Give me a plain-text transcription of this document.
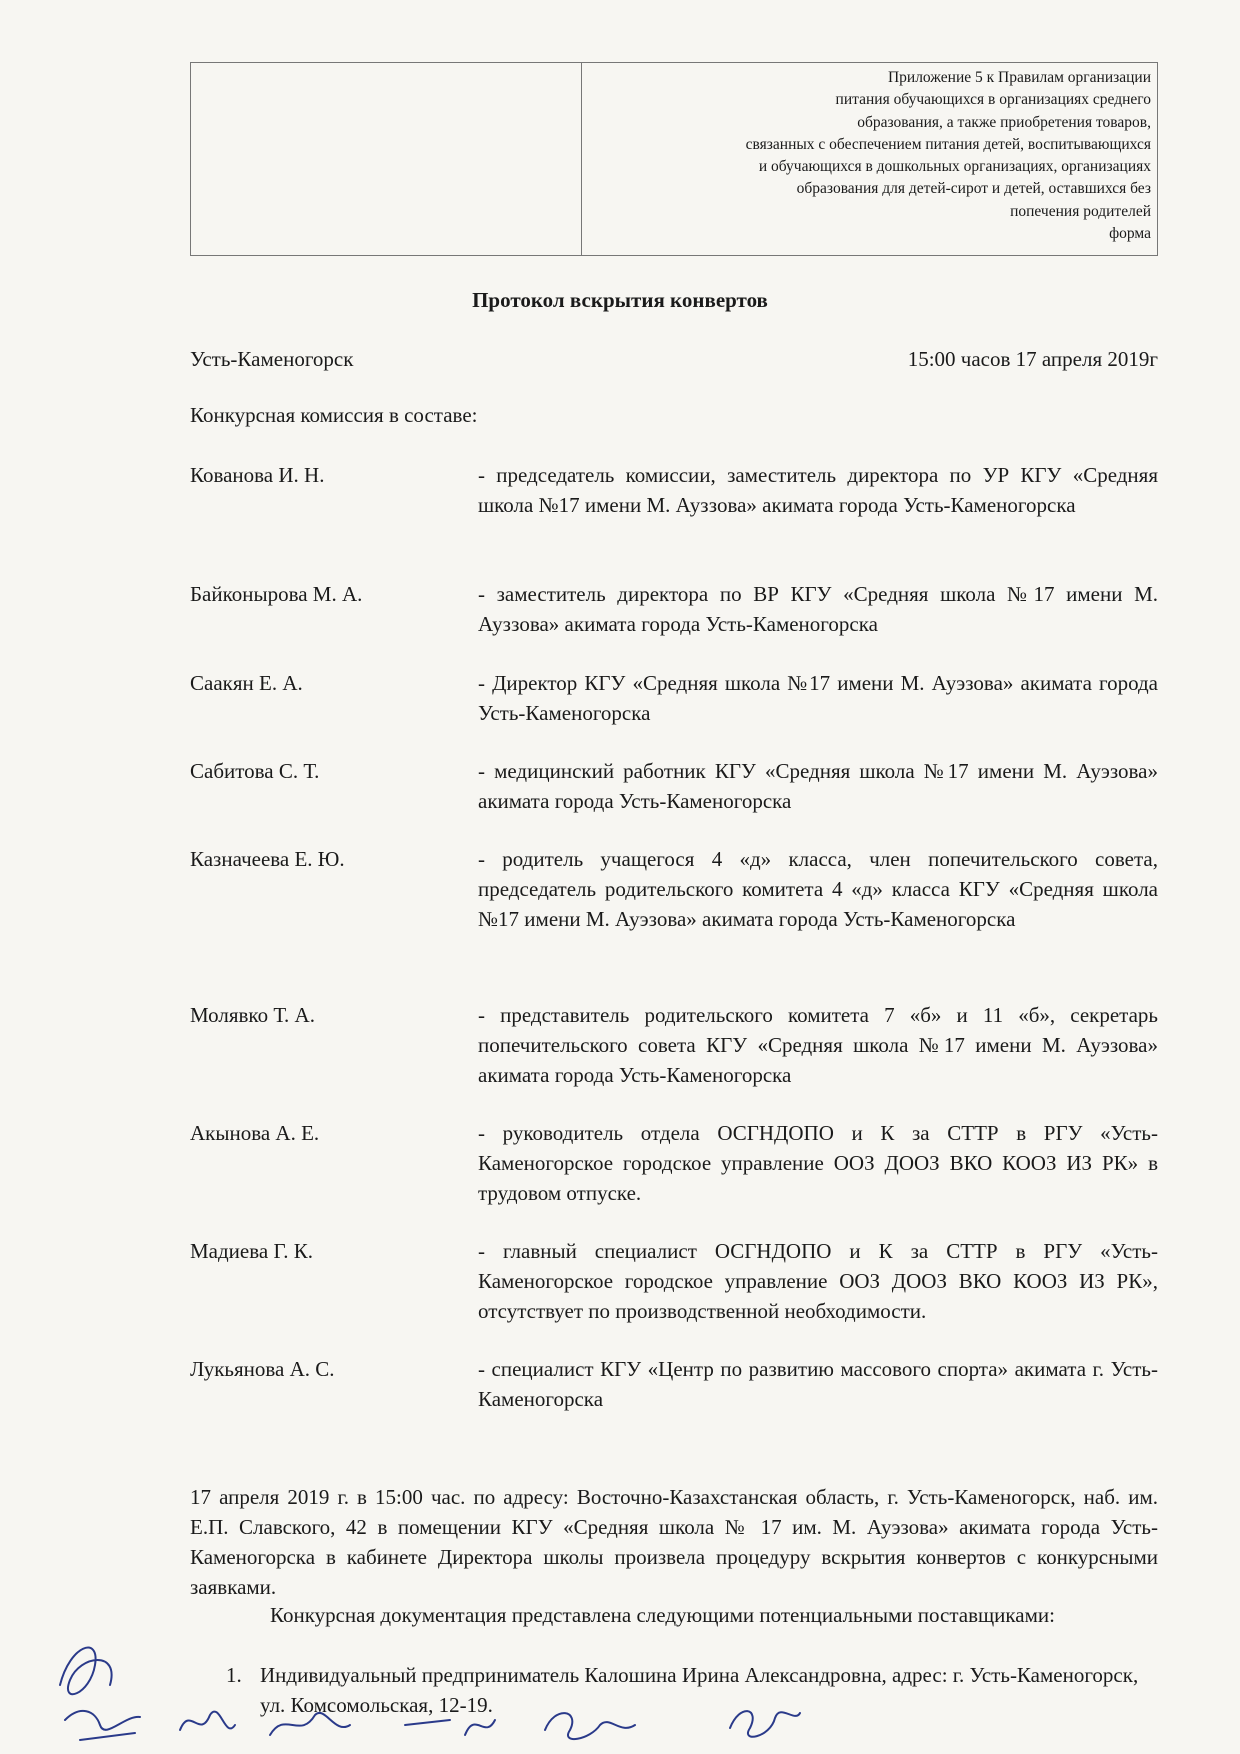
Приложение 5 к Правилам организации
питания обучающихся в организациях среднего
образования, а также приобретения товаров,
связанных с обеспечением питания детей, воспитывающихся
и обучающихся в дошкольных организациях, организациях
образования для детей-сирот и детей, оставшихся без
попечения родителей
форма
Протокол вскрытия конвертов
Усть-Каменогорск	15:00 часов 17 апреля 2019г
Конкурсная комиссия в составе:
Кованова И. Н.	- председатель комиссии, заместитель директора по УР КГУ «Средняя школа №17 имени М. Ауззова» акимата города Усть-Каменогорска
Байконырова М. А.	- заместитель директора по ВР КГУ «Средняя школа №17 имени М. Ауззова» акимата города Усть-Каменогорска
Саакян Е. А.	- Директор КГУ «Средняя школа №17 имени М. Ауэзова» акимата города Усть-Каменогорска
Сабитова С. Т.	- медицинский работник КГУ «Средняя школа №17 имени М. Ауэзова» акимата города Усть-Каменогорска
Казначеева Е. Ю.	- родитель учащегося 4 «д» класса, член попечительского совета, председатель родительского комитета 4 «д» класса КГУ «Средняя школа №17 имени М. Ауэзова» акимата города Усть-Каменогорска
Молявко Т. А.	- представитель родительского комитета 7 «б» и 11 «б», секретарь попечительского совета КГУ «Средняя школа №17 имени М. Ауэзова» акимата города Усть-Каменогорска
Акынова А. Е.	- руководитель отдела ОСГНДОПО и К за СТТР в РГУ «Усть-Каменогорское городское управление ООЗ ДООЗ ВКО КООЗ ИЗ РК» в трудовом отпуске.
Мадиева Г. К.	- главный специалист ОСГНДОПО и К за СТТР в РГУ «Усть-Каменогорское городское управление ООЗ ДООЗ ВКО КООЗ ИЗ РК», отсутствует по производственной необходимости.
Лукьянова А. С.	- специалист КГУ «Центр по развитию массового спорта» акимата г. Усть-Каменогорска
17 апреля 2019 г. в 15:00 час. по адресу: Восточно-Казахстанская область, г. Усть-Каменогорск, наб. им. Е.П. Славского, 42 в помещении КГУ «Средняя школа № 17 им. М. Ауэзова» акимата города Усть-Каменогорска в кабинете Директора школы произвела процедуру вскрытия конвертов с конкурсными заявками.
Конкурсная документация представлена следующими потенциальными поставщиками:
1. Индивидуальный предприниматель Калошина Ирина Александровна, адрес: г. Усть-Каменогорск, ул. Комсомольская, 12-19.
